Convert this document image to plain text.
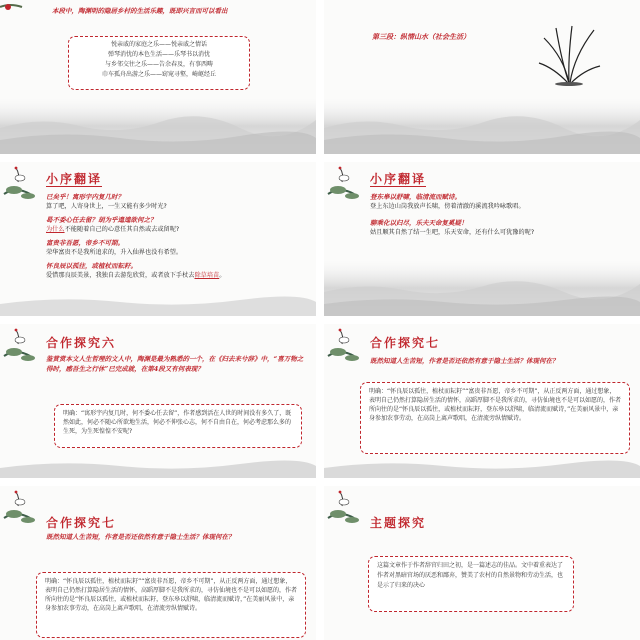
本段中，陶渊明的隐居乡村的生活乐趣，既即兴言而可以看出
悦亲戚的家庭之乐——悦亲戚之情话
弹琴消忧的本色生活——乐琴书以消忧
与乡邻交往之乐——告余春及，有事西畴
巾车孤舟出游之乐——窈窕寻壑，崎岖经丘
第三段：纵情山水（社会生活）
小序翻译
已矣乎！寓形宇内复几时？
算了吧，人寄身世上，一生又能有多少时光?
曷不委心任去留？胡为乎遑遑欲何之？
为什么不能随着自己的心意任其自然或去或留呢?
富贵非吾愿，帝乡不可期。
荣华富贵不是我所追求的，升入仙界也没有希望。
怀良辰以孤往，或植杖而耘耔。
爱惜那良辰美景，我独自去游览欣赏，或者放下手杖去除草培苗。
小序翻译
登东皋以舒啸，临清流而赋诗。
登上东边山岗我放声长啸，傍着清澈的溪流我吟咏歌唱。
聊乘化以归尽，乐夫天命复奚疑！
姑且顺其自然了结一生吧，乐天安命，还有什么可犹豫的呢?
合作探究六
鉴赏赏本文人生哲理的文人中，陶渊是最为熟悉的一个，在《归去来兮辞》中，“喜万物之得时，感吾生之行休”已完成就，在第4段又有何表现？
明确：“寓形宇内复几时，何不委心任去留”，作者感到活在人世的时间没有多久了，既然如此，何必不随心所欲地生活，何必不伸张心志，何不自由自在，何必考虑那么多的生死，为生死惶惶不安呢?
合作探究七
既然知道人生苦短，作者是否还依然有意于隐士生活？体现何在？
明确：“怀良辰以孤往，植杖而耘耔”“富贵非吾愿，帝乡不可期”，从正反两方面，通过想象，表明自己仍然打算隐居生活的情怀，高蹈厚脚不是我所求的，寻仿仙境也不是可以如愿的，作者所向往的是“怀良辰以孤往，或植杖而耘耔，登东皋以舒啸，临清流而赋诗，”在美丽风景中，亲身参加农事劳动，在高岗上离声歌唱，在清流旁纵情赋诗。
合作探究七
既然知道人生苦短，作者是否还依然有意于隐士生活？体现何在？
明确：“怀良辰以孤往，植杖而耘耔”“富贵非吾愿，帝乡不可期”，从正反两方面，通过想象，表明自己仍然打算隐居生活的情怀，高蹈厚脚不是我所求的，寻仿仙境也不是可以如愿的，作者所向往的是“怀良辰以孤往，或植杖而耘耔，登东皋以舒啸，临清流而赋诗，”在美丽风景中，亲身参加农事劳动，在高岗上离声歌唱，在清流旁纵情赋诗。
主题探究
这篇文章作于作者辞官归田之初，是一篇述志的佳品。文中着重表达了作者对黑暗官场的厌恶和鄙弃，赞美了农村的自然景物和劳动生活，也是示了归来的决心
